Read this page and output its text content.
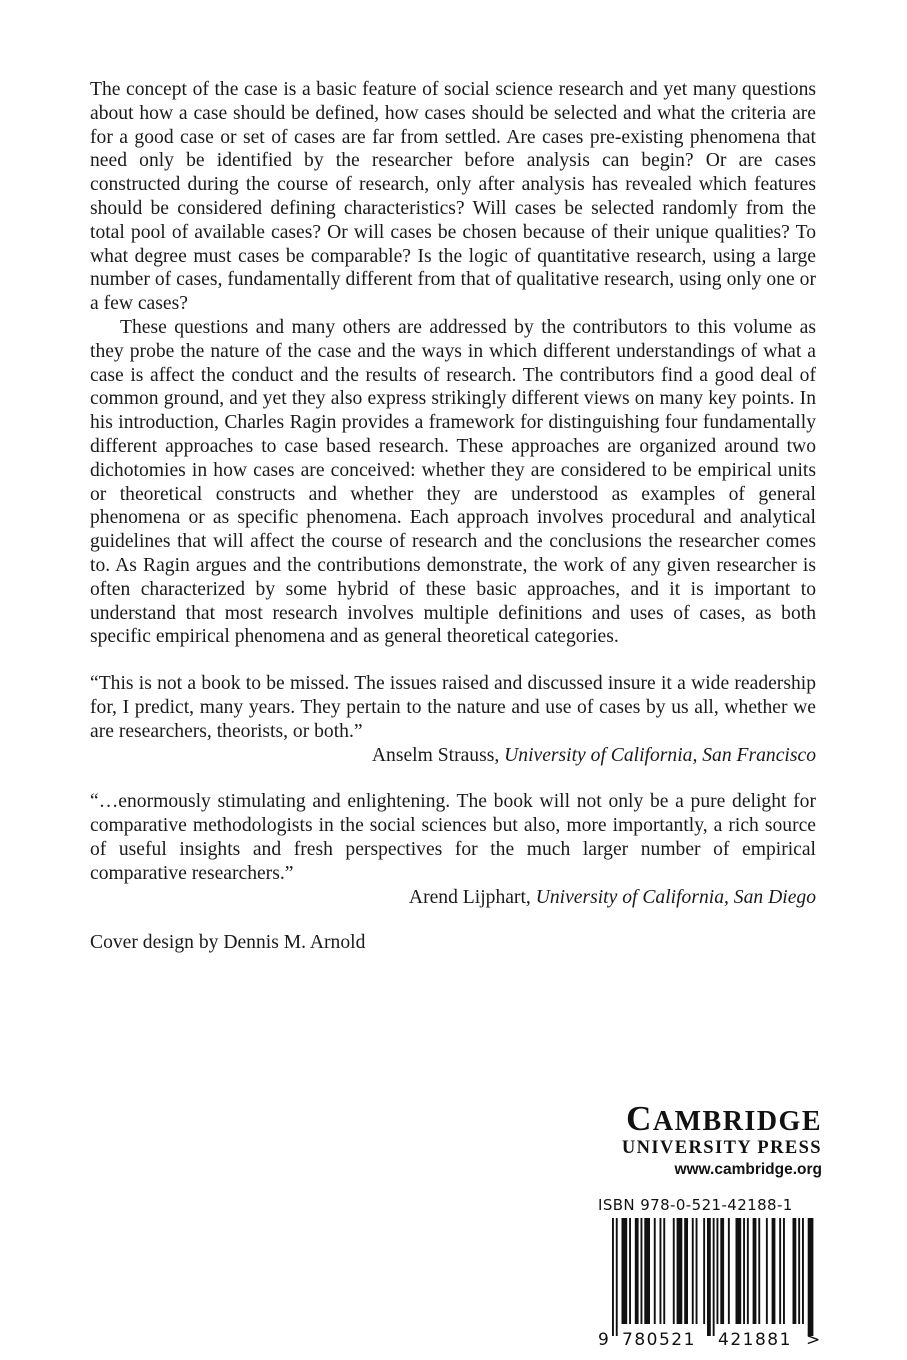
The concept of the case is a basic feature of social science research and yet many questions about how a case should be defined, how cases should be selected and what the criteria are for a good case or set of cases are far from settled. Are cases pre-existing phenomena that need only be identified by the researcher before analysis can begin? Or are cases constructed during the course of research, only after analysis has revealed which features should be considered defining characteristics? Will cases be selected randomly from the total pool of available cases? Or will cases be chosen because of their unique qualities? To what degree must cases be comparable? Is the logic of quantitative research, using a large number of cases, fundamentally different from that of qualitative research, using only one or a few cases?

These questions and many others are addressed by the contributors to this volume as they probe the nature of the case and the ways in which different understandings of what a case is affect the conduct and the results of research. The contributors find a good deal of common ground, and yet they also express strikingly different views on many key points. In his introduction, Charles Ragin provides a framework for distinguishing four fundamentally different approaches to case based research. These approaches are organized around two dichotomies in how cases are conceived: whether they are considered to be empirical units or theoretical constructs and whether they are understood as examples of general phenomena or as specific phenomena. Each approach involves procedural and analytical guidelines that will affect the course of research and the conclusions the researcher comes to. As Ragin argues and the contributions demonstrate, the work of any given researcher is often characterized by some hybrid of these basic approaches, and it is important to understand that most research involves multiple definitions and uses of cases, as both specific empirical phenomena and as general theoretical categories.

“This is not a book to be missed. The issues raised and discussed insure it a wide readership for, I predict, many years. They pertain to the nature and use of cases by us all, whether we are researchers, theorists, or both.”

Anselm Strauss, University of California, San Francisco

“…enormously stimulating and enlightening. The book will not only be a pure delight for comparative methodologists in the social sciences but also, more importantly, a rich source of useful insights and fresh perspectives for the much larger number of empirical comparative researchers.”

Arend Lijphart, University of California, San Diego

Cover design by Dennis M. Arnold
CAMBRIDGE
UNIVERSITY PRESS
www.cambridge.org
ISBN 978-0-521-42188-1
9 780521 421881 >
